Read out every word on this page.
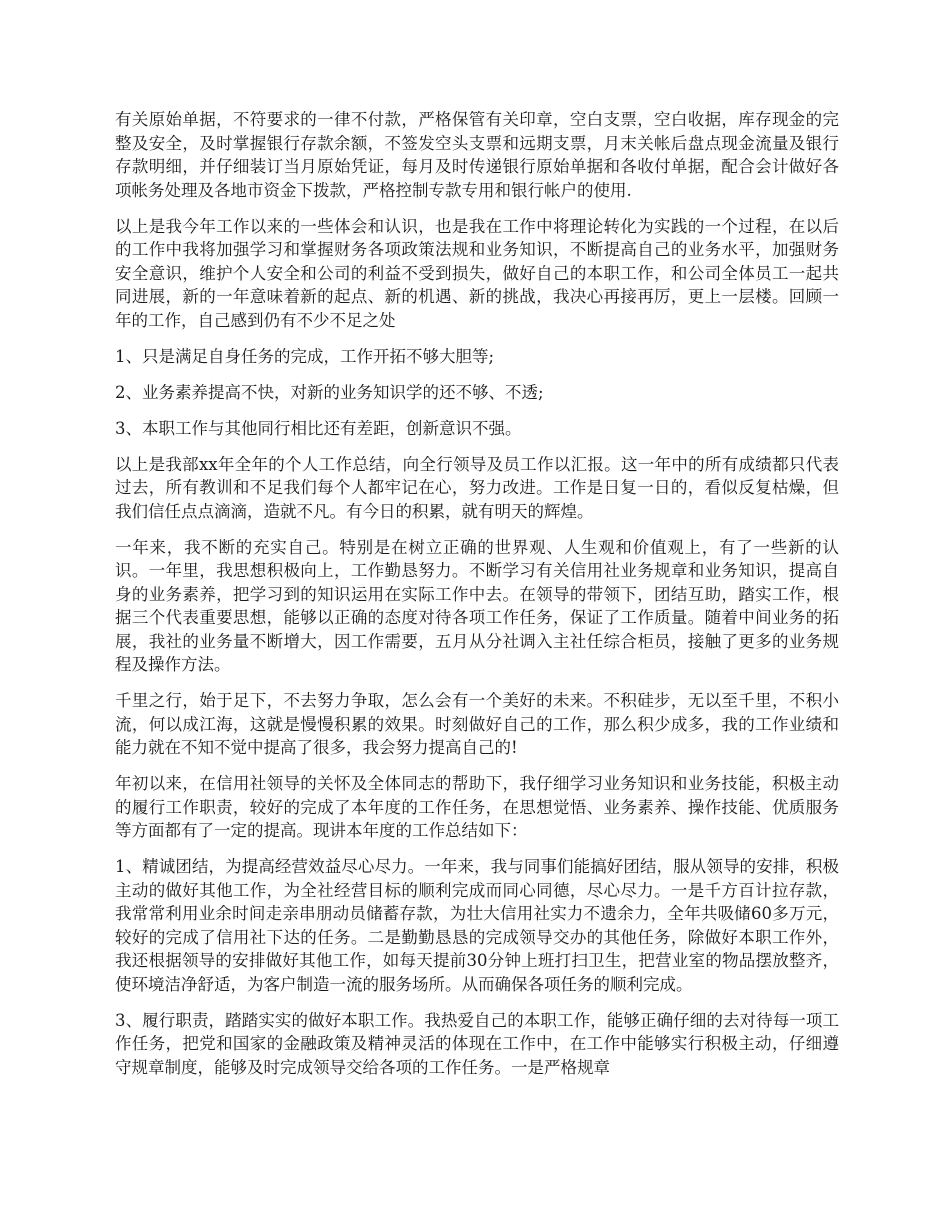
有关原始单据，不符要求的一律不付款，严格保管有关印章，空白支票，空白收据，库存现金的完整及安全，及时掌握银行存款余额，不签发空头支票和远期支票，月末关帐后盘点现金流量及银行存款明细，并仔细装订当月原始凭证，每月及时传递银行原始单据和各收付单据，配合会计做好各项帐务处理及各地市资金下拨款，严格控制专款专用和银行帐户的使用.

以上是我今年工作以来的一些体会和认识，也是我在工作中将理论转化为实践的一个过程，在以后的工作中我将加强学习和掌握财务各项政策法规和业务知识，不断提高自己的业务水平，加强财务安全意识，维护个人安全和公司的利益不受到损失，做好自己的本职工作，和公司全体员工一起共同进展，新的一年意味着新的起点、新的机遇、新的挑战，我决心再接再厉，更上一层楼。回顾一年的工作，自己感到仍有不少不足之处

1、只是满足自身任务的完成，工作开拓不够大胆等;

2、业务素养提高不快，对新的业务知识学的还不够、不透;

3、本职工作与其他同行相比还有差距，创新意识不强。

以上是我部xx年全年的个人工作总结，向全行领导及员工作以汇报。这一年中的所有成绩都只代表过去，所有教训和不足我们每个人都牢记在心，努力改进。工作是日复一日的，看似反复枯燥，但我们信任点点滴滴，造就不凡。有今日的积累，就有明天的辉煌。

一年来，我不断的充实自己。特别是在树立正确的世界观、人生观和价值观上，有了一些新的认识。一年里，我思想积极向上，工作勤恳努力。不断学习有关信用社业务规章和业务知识，提高自身的业务素养，把学习到的知识运用在实际工作中去。在领导的带领下，团结互助，踏实工作，根据三个代表重要思想，能够以正确的态度对待各项工作任务，保证了工作质量。随着中间业务的拓展，我社的业务量不断增大，因工作需要，五月从分社调入主社任综合柜员，接触了更多的业务规程及操作方法。

千里之行，始于足下，不去努力争取，怎么会有一个美好的未来。不积硅步，无以至千里，不积小流，何以成江海，这就是慢慢积累的效果。时刻做好自己的工作，那么积少成多，我的工作业绩和能力就在不知不觉中提高了很多，我会努力提高自己的!

年初以来，在信用社领导的关怀及全体同志的帮助下，我仔细学习业务知识和业务技能，积极主动的履行工作职责，较好的完成了本年度的工作任务，在思想觉悟、业务素养、操作技能、优质服务等方面都有了一定的提高。现讲本年度的工作总结如下：

1、精诚团结，为提高经营效益尽心尽力。一年来，我与同事们能搞好团结，服从领导的安排，积极主动的做好其他工作，为全社经营目标的顺利完成而同心同德，尽心尽力。一是千方百计拉存款，我常常利用业余时间走亲串朋动员储蓄存款，为壮大信用社实力不遗余力，全年共吸储60多万元，较好的完成了信用社下达的任务。二是勤勤恳恳的完成领导交办的其他任务，除做好本职工作外，我还根据领导的安排做好其他工作，如每天提前30分钟上班打扫卫生，把营业室的物品摆放整齐，使环境洁净舒适，为客户制造一流的服务场所。从而确保各项任务的顺利完成。

3、履行职责，踏踏实实的做好本职工作。我热爱自己的本职工作，能够正确仔细的去对待每一项工作任务，把党和国家的金融政策及精神灵活的体现在工作中，在工作中能够实行积极主动，仔细遵守规章制度，能够及时完成领导交给各项的工作任务。一是严格规章
